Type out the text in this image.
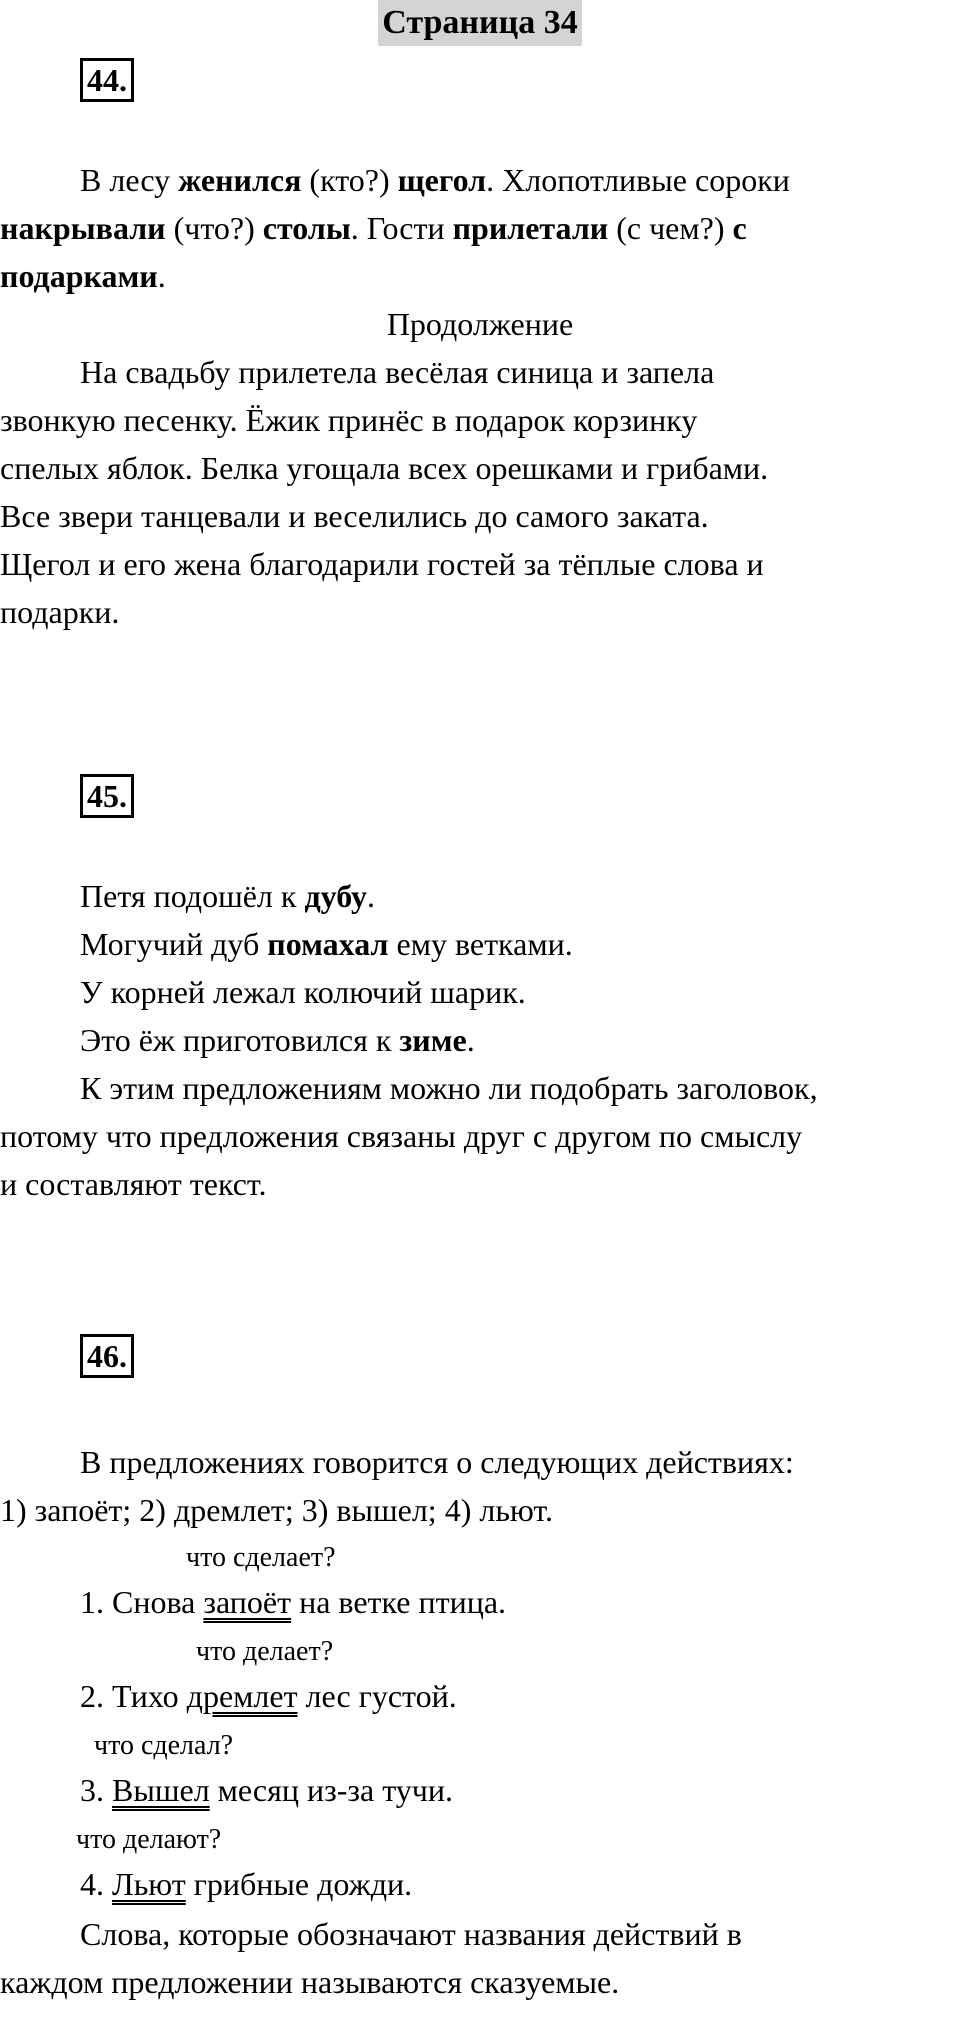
Страница 34
44.
В лесу женился (кто?) щегол. Хлопотливые сороки
накрывали (что?) столы. Гости прилетали (с чем?) с
подарками.
Продолжение
На свадьбу прилетела весёлая синица и запела
звонкую песенку. Ёжик принёс в подарок корзинку
спелых яблок. Белка угощала всех орешками и грибами.
Все звери танцевали и веселились до самого заката.
Щегол и его жена благодарили гостей за тёплые слова и
подарки.
45.
Петя подошёл к дубу.
Могучий дуб помахал ему ветками.
У корней лежал колючий шарик.
Это ёж приготовился к зиме.
К этим предложениям можно ли подобрать заголовок,
потому что предложения связаны друг с другом по смыслу
и составляют текст.
46.
В предложениях говорится о следующих действиях:
1) запоёт; 2) дремлет; 3) вышел; 4) льют.
что сделает?
1. Снова запоёт на ветке птица.
что делает?
2. Тихо дремлет лес густой.
что сделал?
3. Вышел месяц из-за тучи.
что делают?
4. Льют грибные дожди.
Слова, которые обозначают названия действий в
каждом предложении называются сказуемые.
